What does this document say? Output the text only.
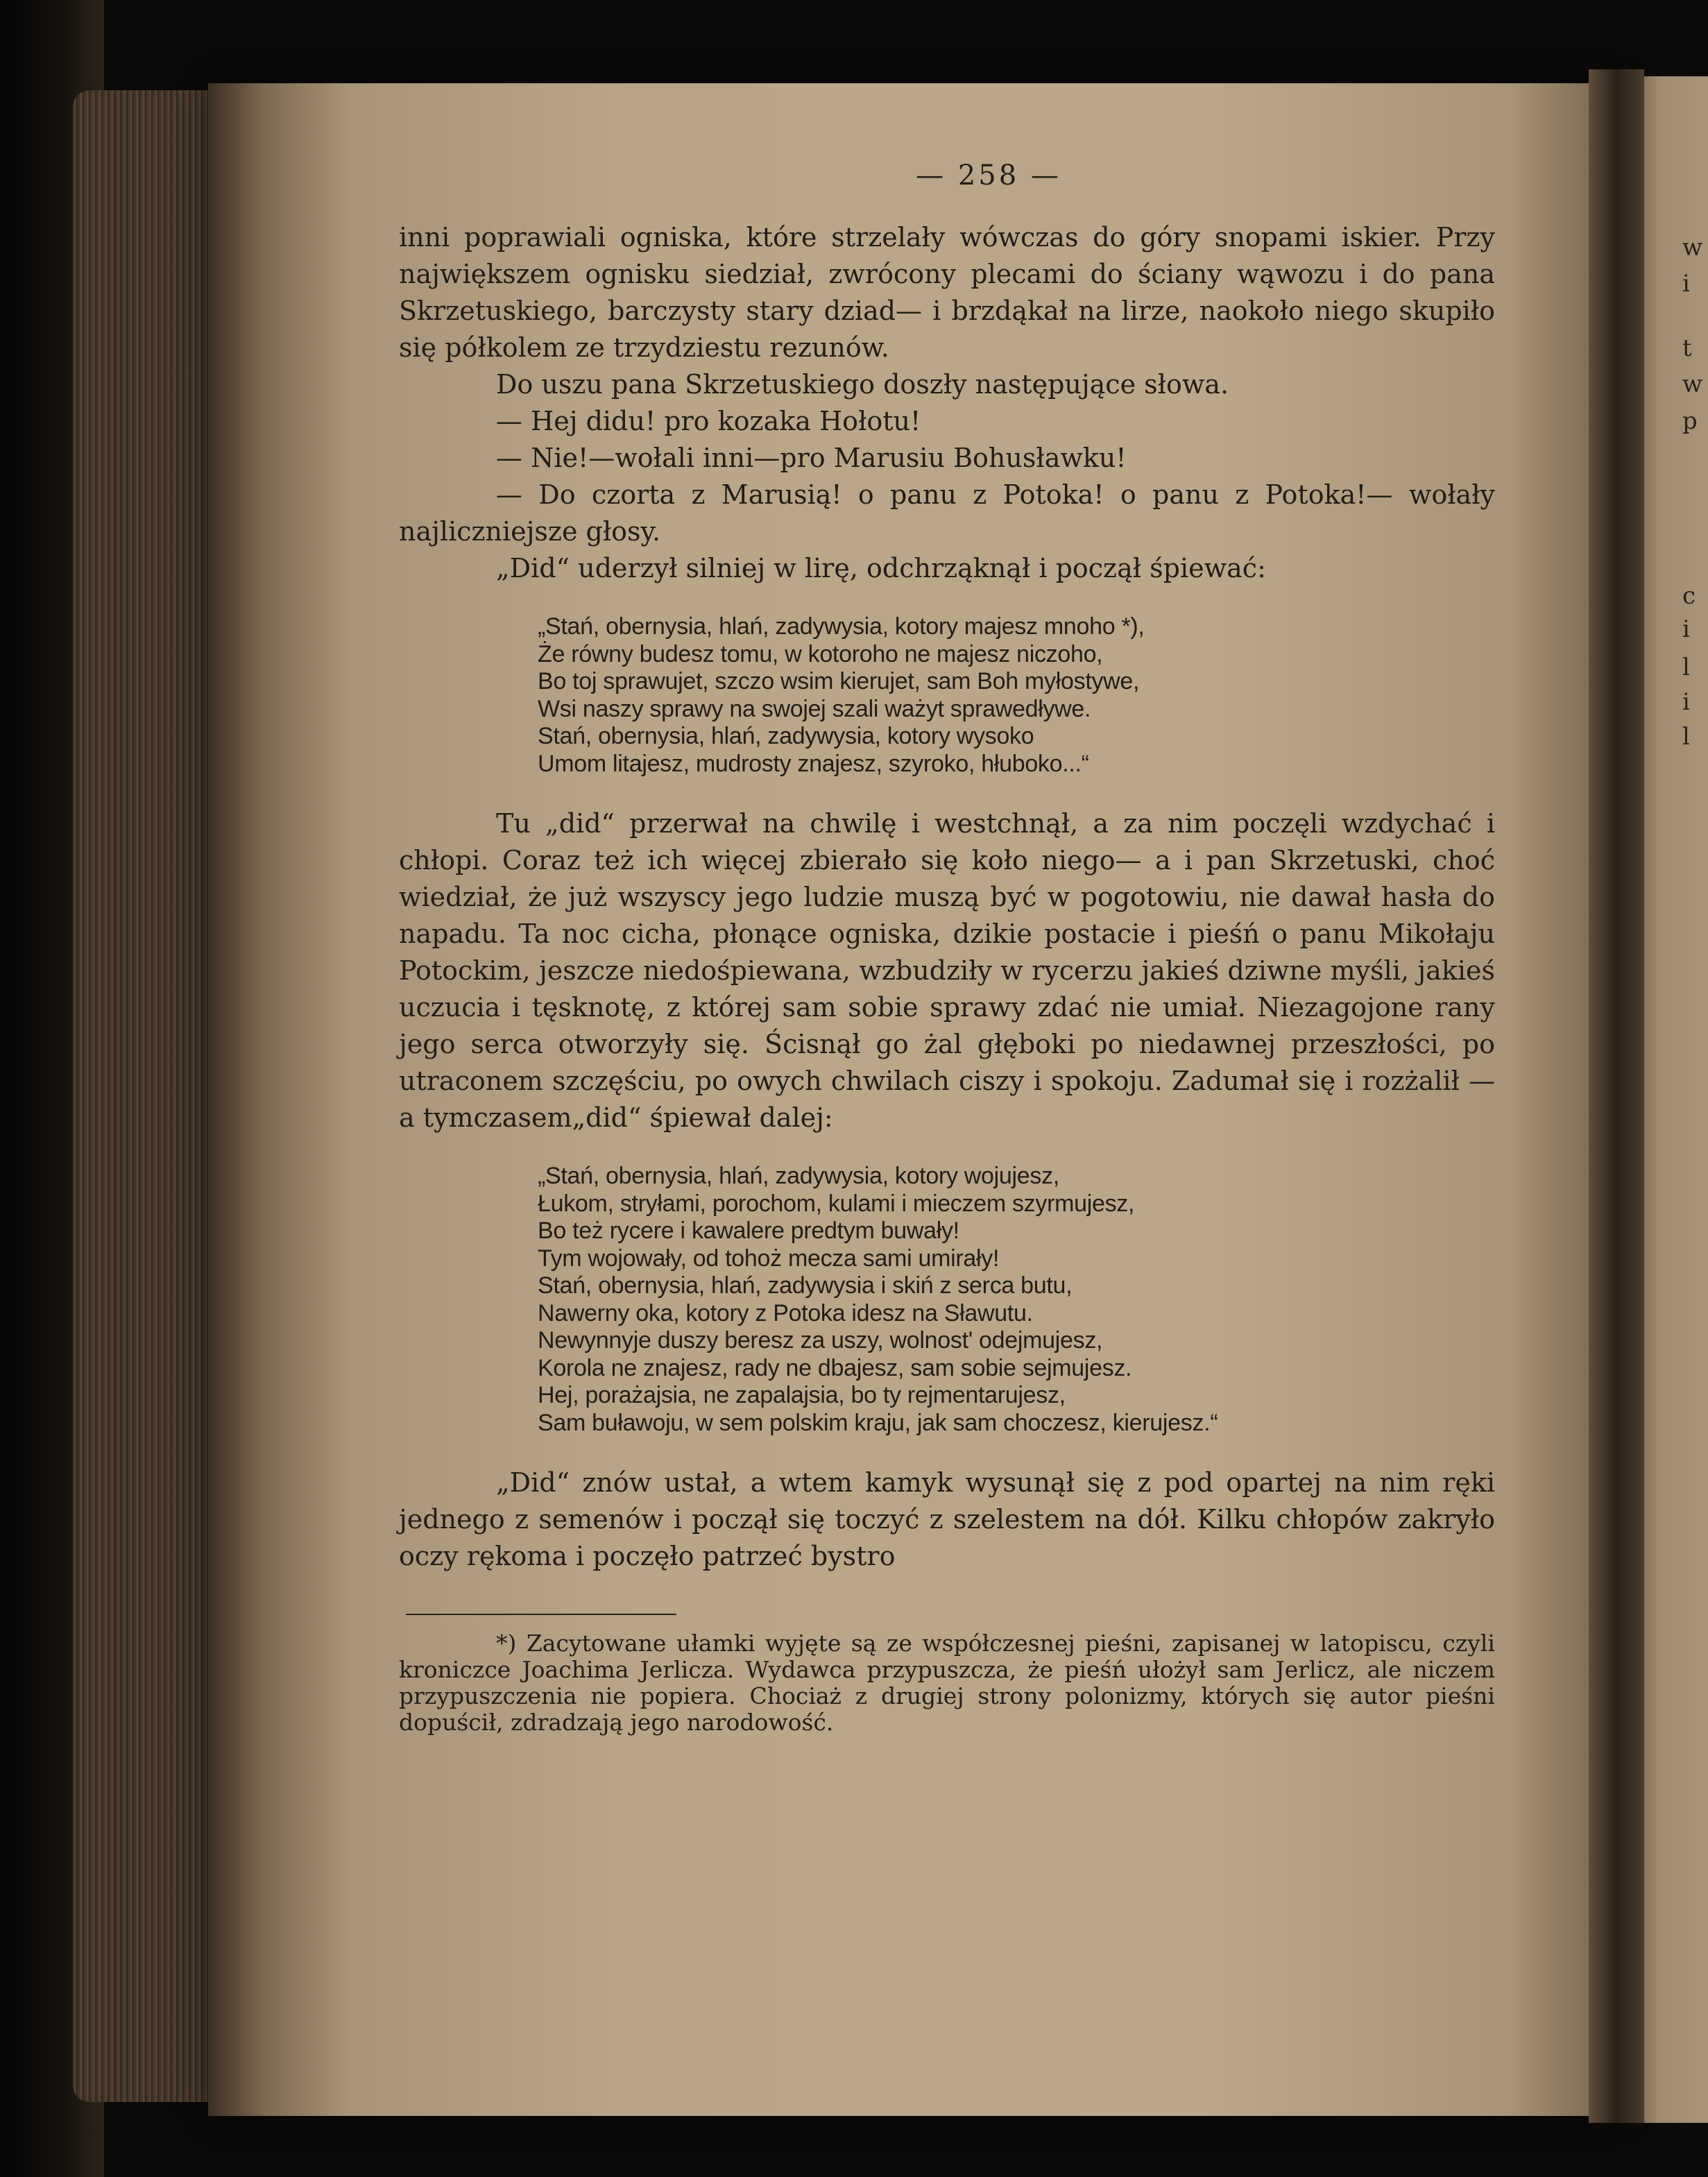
w
i
t
w
p
c
i
l
i
l
— 258 —

inni poprawiali ogniska, które strzelały wówczas do góry snopami iskier. Przy największem ognisku siedział, zwrócony plecami do ściany wąwozu i do pana Skrzetuskiego, barczysty stary dziad— i brzdąkał na lirze, naokoło niego skupiło się półkolem ze trzydziestu rezunów.

Do uszu pana Skrzetuskiego doszły następujące słowa.

— Hej didu! pro kozaka Hołotu!

— Nie!—wołali inni—pro Marusiu Bohusławku!

— Do czorta z Marusią! o panu z Potoka! o panu z Potoka!— wołały najliczniejsze głosy.

„Did“ uderzył silniej w lirę, odchrząknął i począł śpiewać:

„Stań, obernysia, hlań, zadywysia, kotory majesz mnoho *),
Że równy budesz tomu, w kotoroho ne majesz niczoho,
Bo toj sprawujet, szczo wsim kierujet, sam Boh myłostywe,
Wsi naszy sprawy na swojej szali ważyt sprawedływe.
Stań, obernysia, hlań, zadywysia, kotory wysoko
Umom litajesz, mudrosty znajesz, szyroko, hłuboko...“

Tu „did“ przerwał na chwilę i westchnął, a za nim poczęli wzdychać i chłopi. Coraz też ich więcej zbierało się koło niego— a i pan Skrzetuski, choć wiedział, że już wszyscy jego ludzie muszą być w pogotowiu, nie dawał hasła do napadu. Ta noc cicha, płonące ogniska, dzikie postacie i pieśń o panu Mikołaju Potockim, jeszcze niedośpiewana, wzbudziły w rycerzu jakieś dziwne myśli, jakieś uczucia i tęsknotę, z której sam sobie sprawy zdać nie umiał. Niezagojone rany jego serca otworzyły się. Ścisnął go żal głęboki po niedawnej przeszłości, po utraconem szczęściu, po owych chwilach ciszy i spokoju. Zadumał się i rozżalił — a tymczasem„did“ śpiewał dalej:

„Stań, obernysia, hlań, zadywysia, kotory wojujesz,
Łukom, stryłami, porochom, kulami i mieczem szyrmujesz,
Bo też rycere i kawalere predtym buwały!
Tym wojowały, od tohoż mecza sami umirały!
Stań, obernysia, hlań, zadywysia i skiń z serca butu,
Nawerny oka, kotory z Potoka idesz na Sławutu.
Newynnyje duszy beresz za uszy, wolnost' odejmujesz,
Korola ne znajesz, rady ne dbajesz, sam sobie sejmujesz.
Hej, porażajsia, ne zapalajsia, bo ty rejmentarujesz,
Sam buławoju, w sem polskim kraju, jak sam choczesz, kierujesz.“

„Did“ znów ustał, a wtem kamyk wysunął się z pod opartej na nim ręki jednego z semenów i począł się toczyć z szelestem na dół. Kilku chłopów zakryło oczy rękoma i poczęło patrzeć bystro

*) Zacytowane ułamki wyjęte są ze współczesnej pieśni, zapisanej w latopiscu, czyli kroniczce Joachima Jerlicza. Wydawca przypuszcza, że pieśń ułożył sam Jerlicz, ale niczem przypuszczenia nie popiera. Chociaż z drugiej strony polonizmy, których się autor pieśni dopuścił, zdradzają jego narodowość.
